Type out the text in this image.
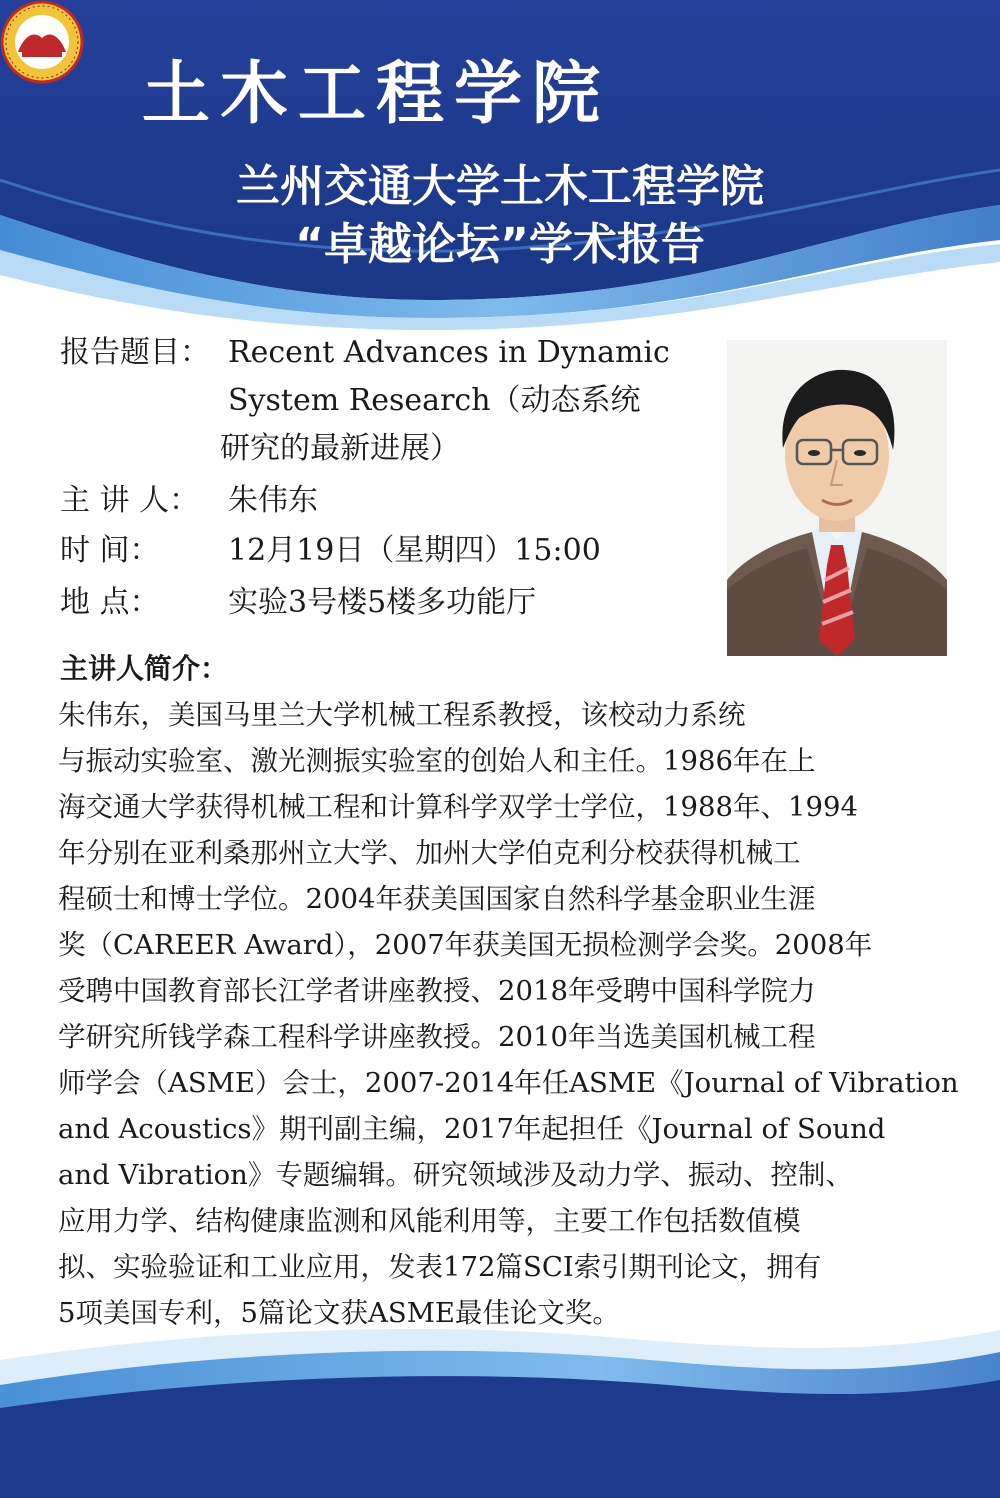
土木工程学院
兰州交通大学土木工程学院
“卓越论坛”学术报告
报告题目： Recent Advances in Dynamic
System Research（动态系统
研究的最新进展）
主 讲 人： 朱伟东
时 间： 12月19日（星期四）15:00
地 点： 实验3号楼5楼多功能厅
主讲人简介：
朱伟东，美国马里兰大学机械工程系教授，该校动力系统
与振动实验室、激光测振实验室的创始人和主任。1986年在上
海交通大学获得机械工程和计算科学双学士学位，1988年、1994
年分别在亚利桑那州立大学、加州大学伯克利分校获得机械工
程硕士和博士学位。2004年获美国国家自然科学基金职业生涯
奖（CAREER Award），2007年获美国无损检测学会奖。2008年
受聘中国教育部长江学者讲座教授、2018年受聘中国科学院力
学研究所钱学森工程科学讲座教授。2010年当选美国机械工程
师学会（ASME）会士，2007-2014年任ASME《Journal of Vibration
and Acoustics》期刊副主编，2017年起担任《Journal of Sound
and Vibration》专题编辑。研究领域涉及动力学、振动、控制、
应用力学、结构健康监测和风能利用等，主要工作包括数值模
拟、实验验证和工业应用，发表172篇SCI索引期刊论文，拥有
5项美国专利，5篇论文获ASME最佳论文奖。
